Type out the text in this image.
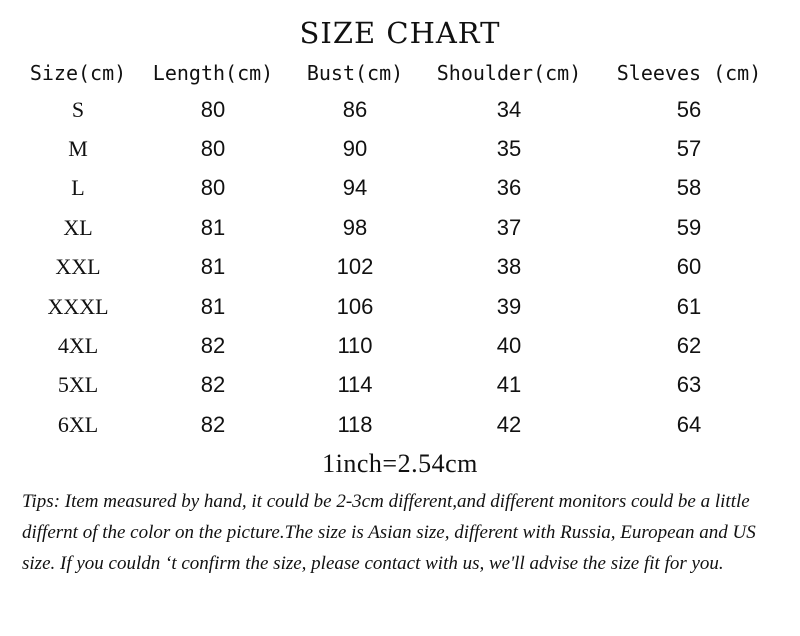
SIZE CHART
Size(cm)	Length(cm)	Bust(cm)	Shoulder(cm)	Sleeves (cm)
S	80	86	34	56
M	80	90	35	57
L	80	94	36	58
XL	81	98	37	59
XXL	81	102	38	60
XXXL	81	106	39	61
4XL	82	110	40	62
5XL	82	114	41	63
6XL	82	118	42	64
1inch=2.54cm
Tips: Item measured by hand, it could be 2-3cm different,and different monitors could be a little differnt of the color on the picture.The size is Asian size, different with Russia, European and US size. If you couldn ‘t confirm the size, please contact with us, we'll advise the size fit for you.
